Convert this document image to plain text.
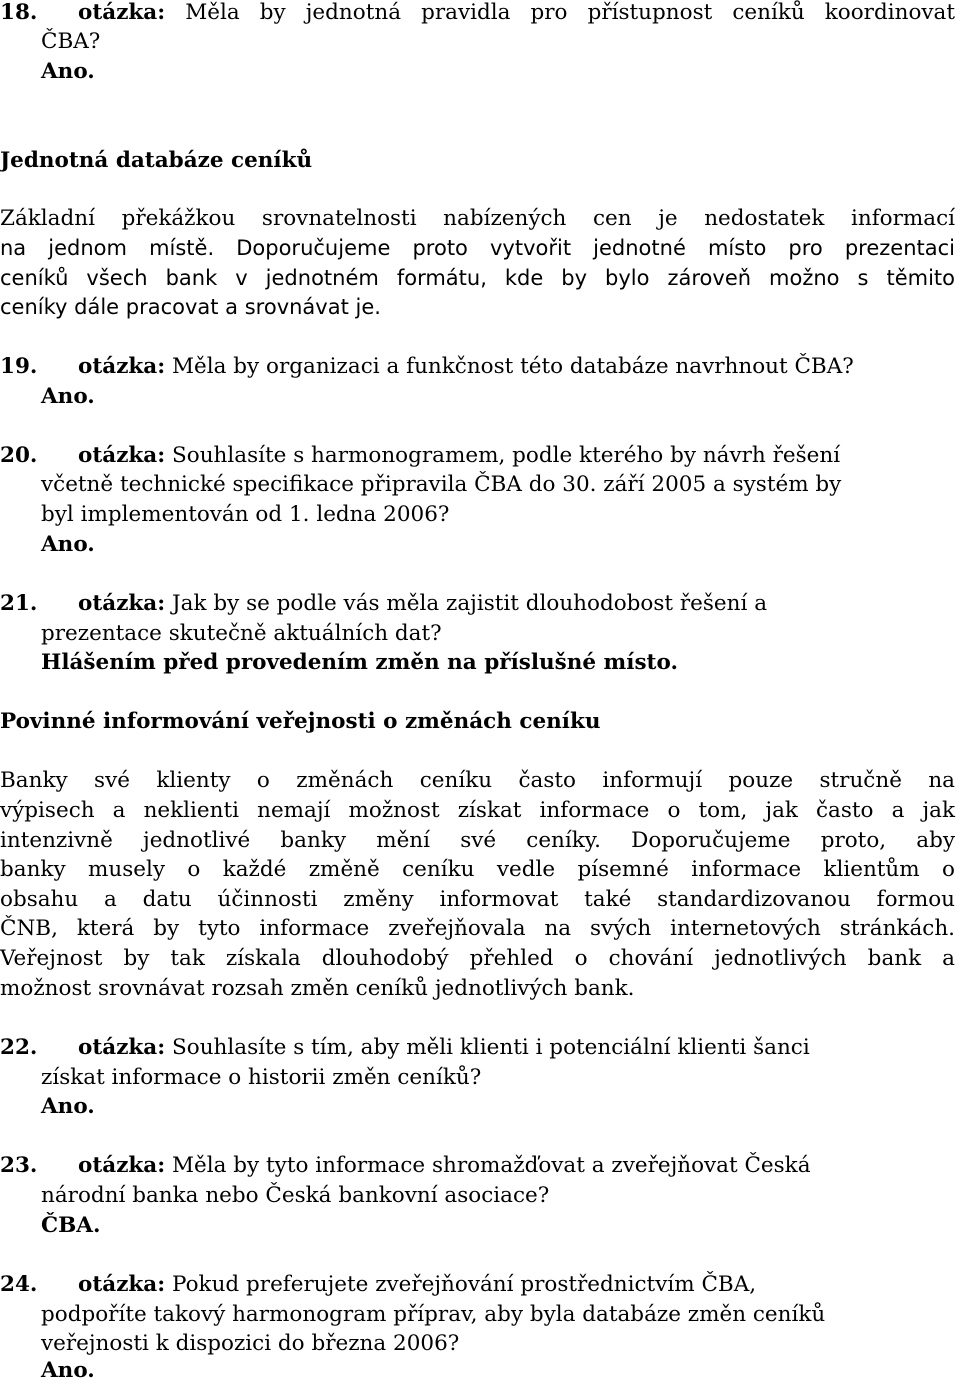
18. otázka: Měla by jednotná pravidla pro přístupnost ceníků koordinovat
ČBA?
Ano.
Jednotná databáze ceníků
Základní překážkou srovnatelnosti nabízených cen je nedostatek informací
na jednom místě. Doporučujeme proto vytvořit jednotné místo pro prezentaci
ceníků všech bank v jednotném formátu, kde by bylo zároveň možno s těmito
ceníky dále pracovat a srovnávat je.
19. otázka: Měla by organizaci a funkčnost této databáze navrhnout ČBA?
Ano.
20. otázka: Souhlasíte s harmonogramem, podle kterého by návrh řešení
včetně technické specifikace připravila ČBA do 30. září 2005 a systém by
byl implementován od 1. ledna 2006?
Ano.
21. otázka: Jak by se podle vás měla zajistit dlouhodobost řešení a
prezentace skutečně aktuálních dat?
Hlášením před provedením změn na příslušné místo.
Povinné informování veřejnosti o změnách ceníku
Banky své klienty o změnách ceníku často informují pouze stručně na
výpisech a neklienti nemají možnost získat informace o tom, jak často a jak
intenzivně jednotlivé banky mění své ceníky. Doporučujeme proto, aby
banky musely o každé změně ceníku vedle písemné informace klientům o
obsahu a datu účinnosti změny informovat také standardizovanou formou
ČNB, která by tyto informace zveřejňovala na svých internetových stránkách.
Veřejnost by tak získala dlouhodobý přehled o chování jednotlivých bank a
možnost srovnávat rozsah změn ceníků jednotlivých bank.
22. otázka: Souhlasíte s tím, aby měli klienti i potenciální klienti šanci
získat informace o historii změn ceníků?
Ano.
23. otázka: Měla by tyto informace shromažďovat a zveřejňovat Česká
národní banka nebo Česká bankovní asociace?
ČBA.
24. otázka: Pokud preferujete zveřejňování prostřednictvím ČBA,
podpoříte takový harmonogram příprav, aby byla databáze změn ceníků
veřejnosti k dispozici do března 2006?
Ano.
